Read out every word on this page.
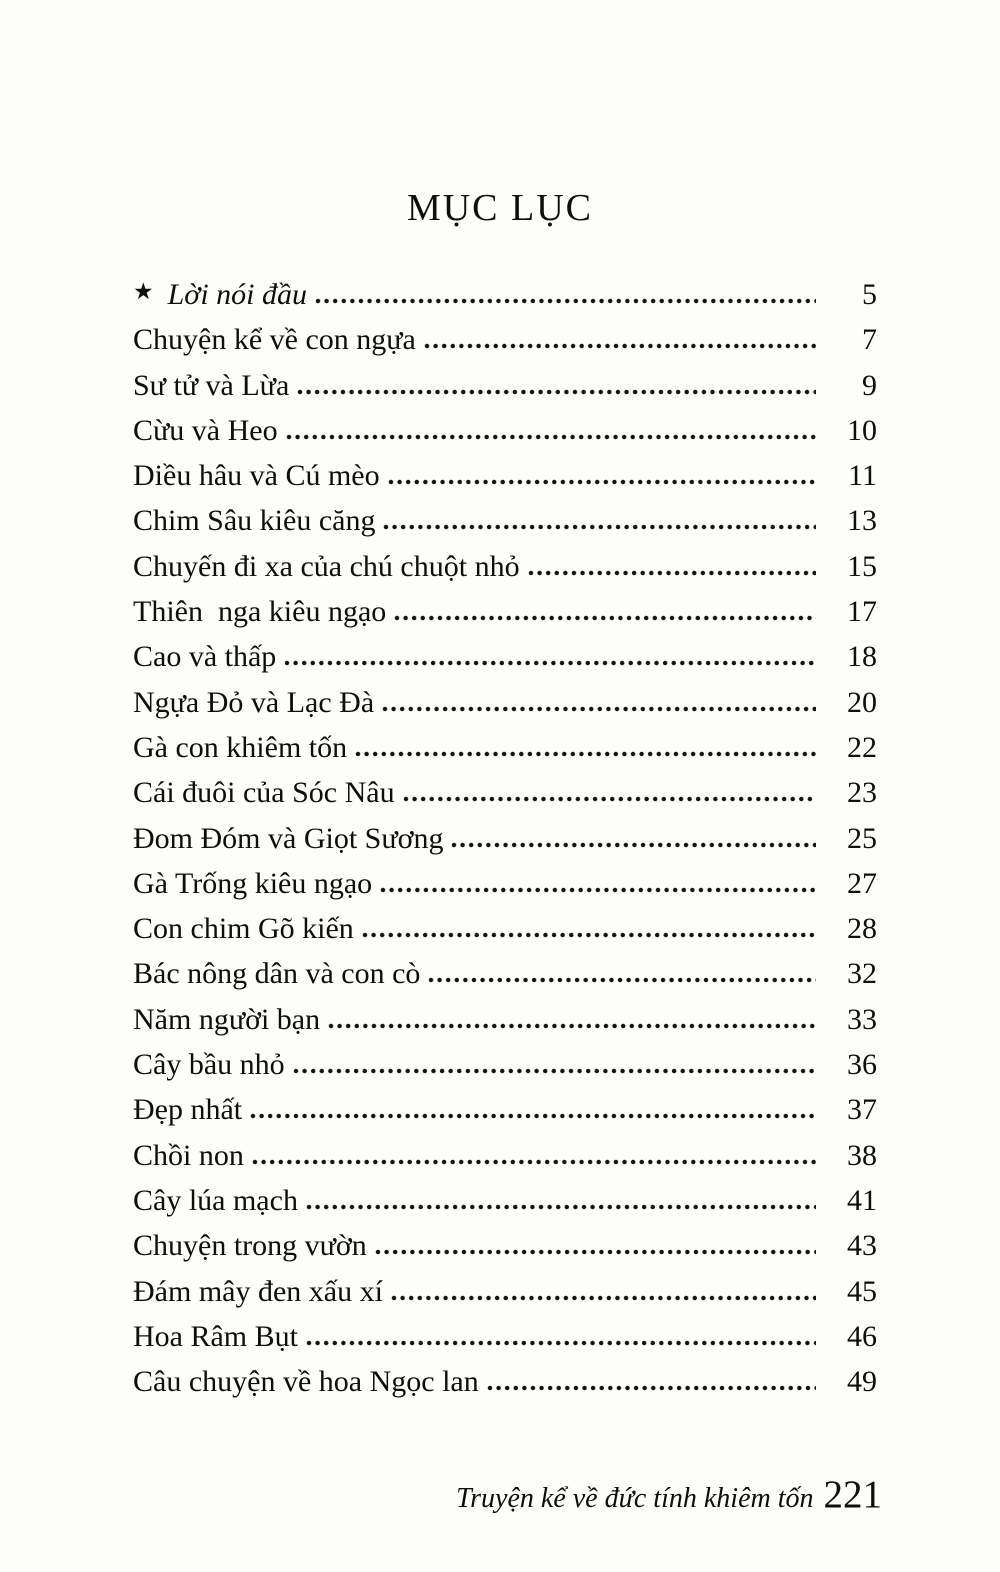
MỤC LỤC
★ Lời nói đầu	5
Chuyện kể về con ngựa	7
Sư tử và Lừa	9
Cừu và Heo	10
Diều hâu và Cú mèo	11
Chim Sâu kiêu căng	13
Chuyến đi xa của chú chuột nhỏ	15
Thiên  nga kiêu ngạo	17
Cao và thấp	18
Ngựa Đỏ và Lạc Đà	20
Gà con khiêm tốn	22
Cái đuôi của Sóc Nâu	23
Đom Đóm và Giọt Sương	25
Gà Trống kiêu ngạo	27
Con chim Gõ kiến	28
Bác nông dân và con cò	32
Năm người bạn	33
Cây bầu nhỏ	36
Đẹp nhất	37
Chồi non	38
Cây lúa mạch	41
Chuyện trong vườn	43
Đám mây đen xấu xí	45
Hoa Râm Bụt	46
Câu chuyện về hoa Ngọc lan	49
Truyện kể về đức tính khiêm tốn 221
